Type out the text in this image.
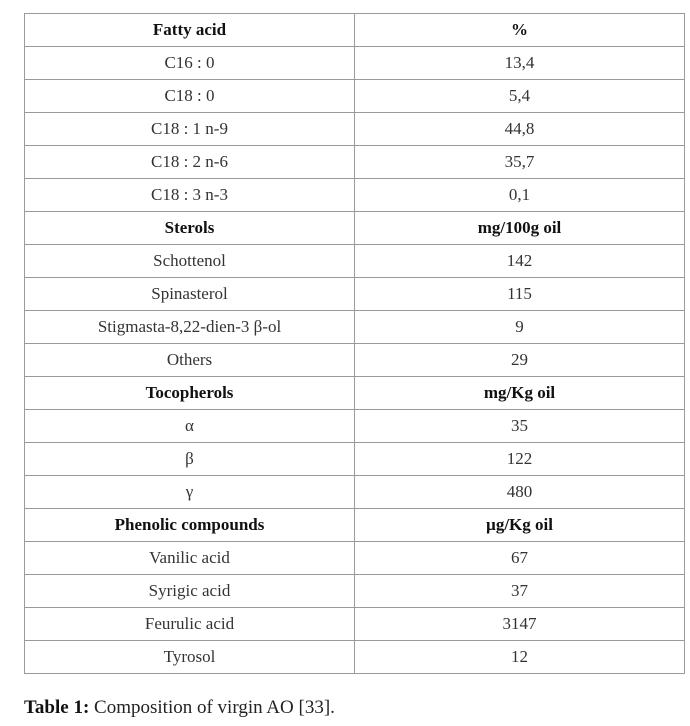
Fatty acid	%
C16 : 0	13,4
C18 : 0	5,4
C18 : 1 n-9	44,8
C18 : 2 n-6	35,7
C18 : 3 n-3	0,1
Sterols	mg/100g oil
Schottenol	142
Spinasterol	115
Stigmasta-8,22-dien-3 β-ol	9
Others	29
Tocopherols	mg/Kg oil
α	35
β	122
γ	480
Phenolic compounds	µg/Kg oil
Vanilic acid	67
Syrigic acid	37
Feurulic acid	3147
Tyrosol	12
Table 1: Composition of virgin AO [33].
